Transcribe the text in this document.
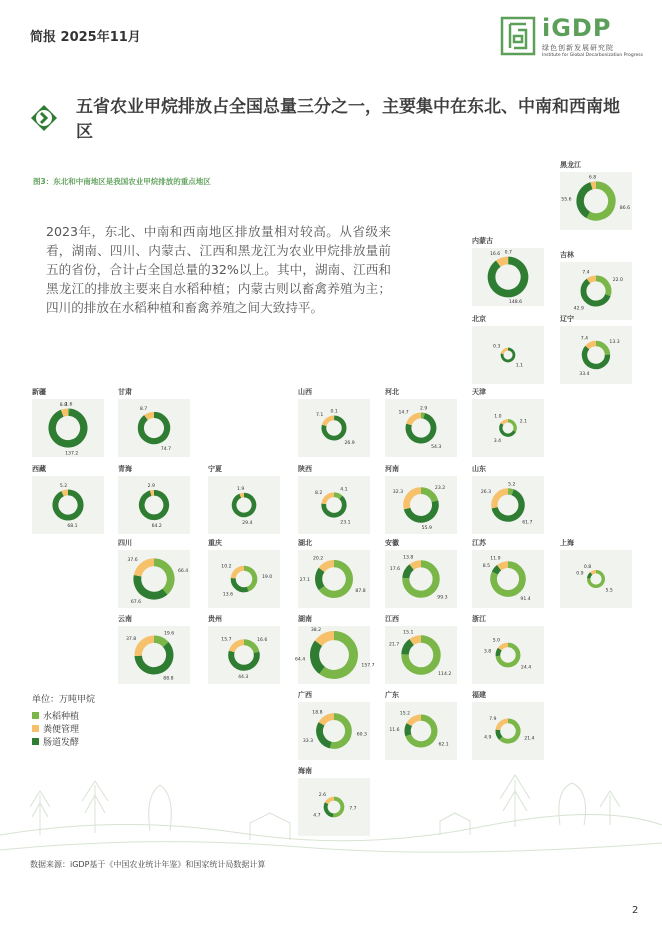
简报 2025年11月	iGDP
绿色创新发展研究院
Institute for Global Decarbonization Progress
五省农业甲烷排放占全国总量三分之一，主要集中在东北、中南和西南地区
图3：东北和中南地区是我国农业甲烷排放的重点地区
2023年，东北、中南和西南地区排放量相对较高。从省级来看，湖南、四川、内蒙古、江西和黑龙江为农业甲烷排放量前五的省份，合计占全国总量的32%以上。其中，湖南、江西和黑龙江的排放主要来自水稻种植；内蒙古则以畜禽养殖为主；四川的排放在水稻种植和畜禽养殖之间大致持平。
黑龙江
86.6
55.6
6.8
内蒙古
0.7
148.6
16.6	吉林
22.0
42.9
7.4
北京
1.1
0.3
辽宁
13.3
33.4
7.4
新疆
1.6
137.2
8.8
甘肃
74.7
8.7
山西
0.1
26.9
7.1
河北
2.9
54.3
14.7
天津
2.1
3.4
1.0
西藏
68.1
5.2
青海
64.2
2.9
宁夏
29.4
1.9
陕西
4.1
23.1
8.2
河南
23.2
55.9
32.3
山东
5.2
61.7
26.3
四川
66.4
67.6
37.6
重庆
19.0
13.6
10.2
湖北
87.8
27.1
20.2
安徽
99.3
17.6
13.8
江苏
91.4
8.5
11.9
上海
5.5
0.9
0.8
云南
19.6
88.8
37.8
贵州
16.6
44.3
15.7
湖南
157.7
64.4
38.2
江西
114.2
21.7
15.1
浙江
24.4
3.8
5.0
广西
60.3
33.3
18.8
广东
62.1
11.6
15.2
福建
21.4
4.9
7.9
海南
7.7
4.7
2.6
单位：万吨甲烷
水稻种植
粪便管理
肠道发酵
数据来源：iGDP基于《中国农业统计年鉴》和国家统计局数据计算
2
